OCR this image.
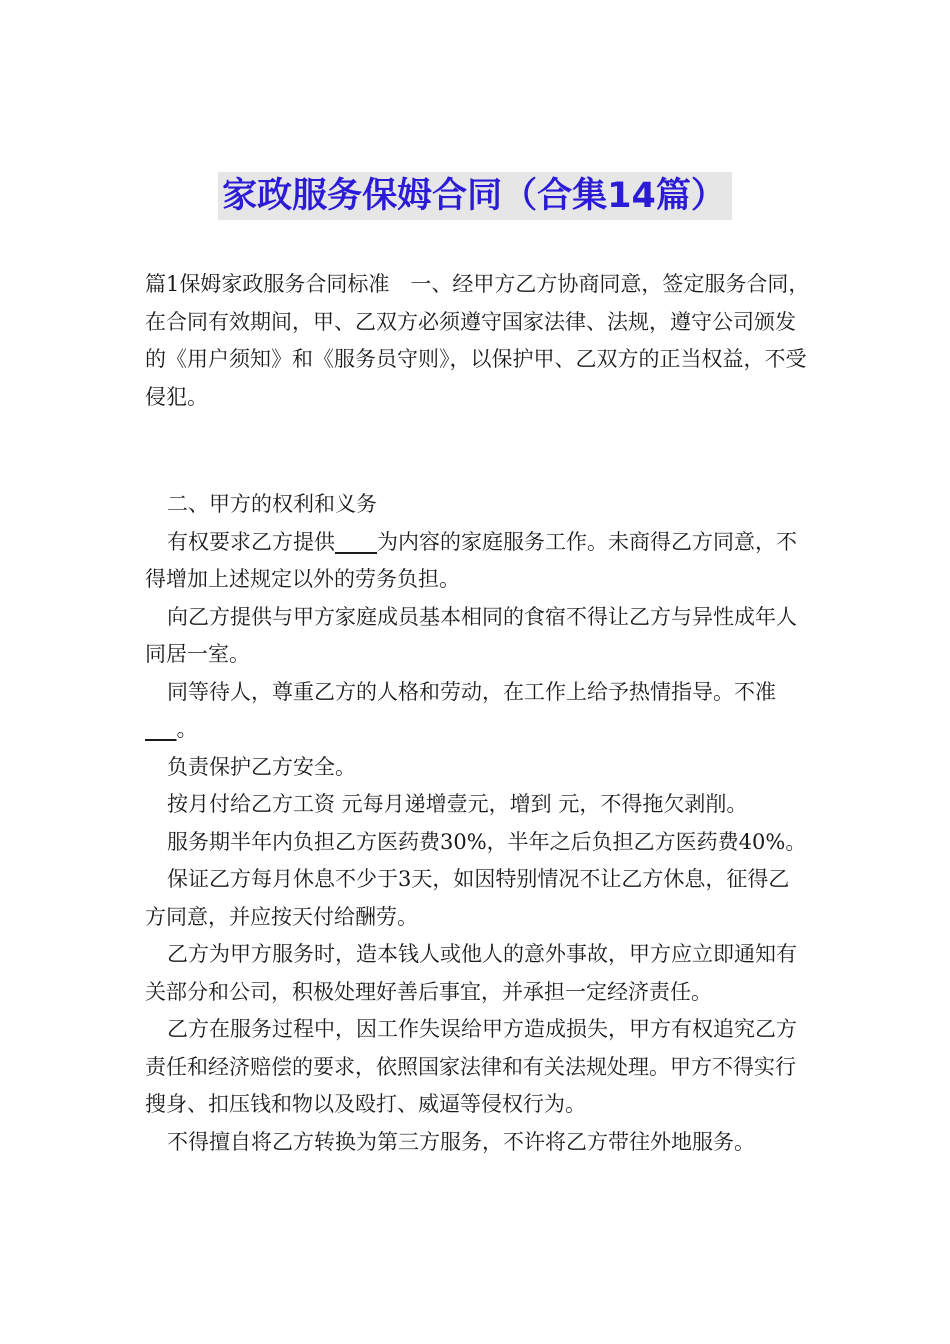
家政服务保姆合同（合集14篇）

篇1保姆家政服务合同标准　一、经甲方乙方协商同意，签定服务合同，在合同有效期间，甲、乙双方必须遵守国家法律、法规，遵守公司颁发的《用户须知》和《服务员守则》，以保护甲、乙双方的正当权益，不受侵犯。

二、甲方的权利和义务

有权要求乙方提供____为内容的家庭服务工作。未商得乙方同意，不得增加上述规定以外的劳务负担。

向乙方提供与甲方家庭成员基本相同的食宿不得让乙方与异性成年人同居一室。

同等待人，尊重乙方的人格和劳动，在工作上给予热情指导。不准___。

负责保护乙方安全。

按月付给乙方工资 元每月递增壹元，增到 元，不得拖欠剥削。

服务期半年内负担乙方医药费30%，半年之后负担乙方医药费40%。

保证乙方每月休息不少于3天，如因特别情况不让乙方休息，征得乙方同意，并应按天付给酬劳。

乙方为甲方服务时，造本钱人或他人的意外事故，甲方应立即通知有关部分和公司，积极处理好善后事宜，并承担一定经济责任。

乙方在服务过程中，因工作失误给甲方造成损失，甲方有权追究乙方责任和经济赔偿的要求，依照国家法律和有关法规处理。甲方不得实行搜身、扣压钱和物以及殴打、威逼等侵权行为。

不得擅自将乙方转换为第三方服务，不许将乙方带往外地服务。
